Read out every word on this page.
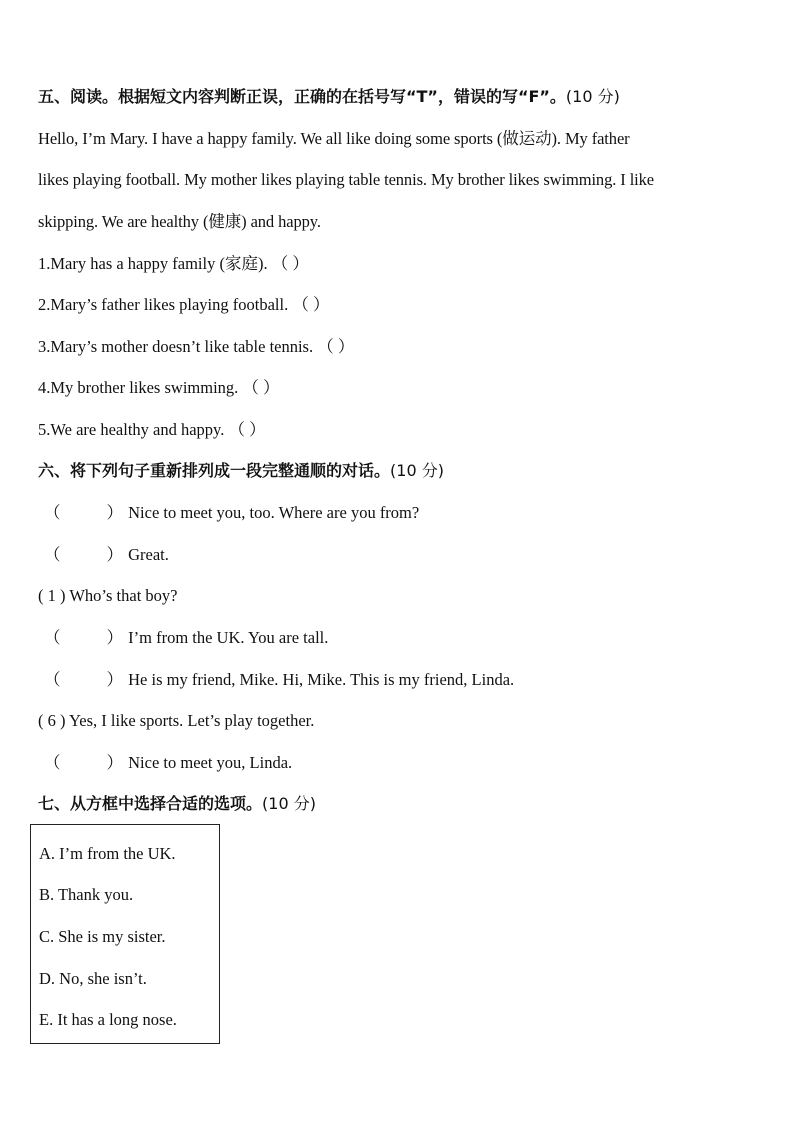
五、阅读。根据短文内容判断正误，正确的在括号写“T”，错误的写“F”。(10 分)
Hello, I’m Mary. I have a happy family. We all like doing some sports (做运动). My father
likes playing football. My mother likes playing table tennis. My brother likes swimming. I like
skipping. We are healthy (健康) and happy.
1.Mary has a happy family (家庭). （ ）
2.Mary’s father likes playing football. （ ）
3.Mary’s mother doesn’t like table tennis. （ ）
4.My brother likes swimming. （ ）
5.We are healthy and happy. （ ）
六、将下列句子重新排列成一段完整通顺的对话。(10 分)
（	） Nice to meet you, too. Where are you from?
（	） Great.
( 1 ) Who’s that boy?
（	） I’m from the UK. You are tall.
（	） He is my friend, Mike. Hi, Mike. This is my friend, Linda.
( 6 ) Yes, I like sports. Let’s play together.
（	） Nice to meet you, Linda.
七、从方框中选择合适的选项。(10 分)
A. I’m from the UK.
B. Thank you.
C. She is my sister.
D. No, she isn’t.
E. It has a long nose.
